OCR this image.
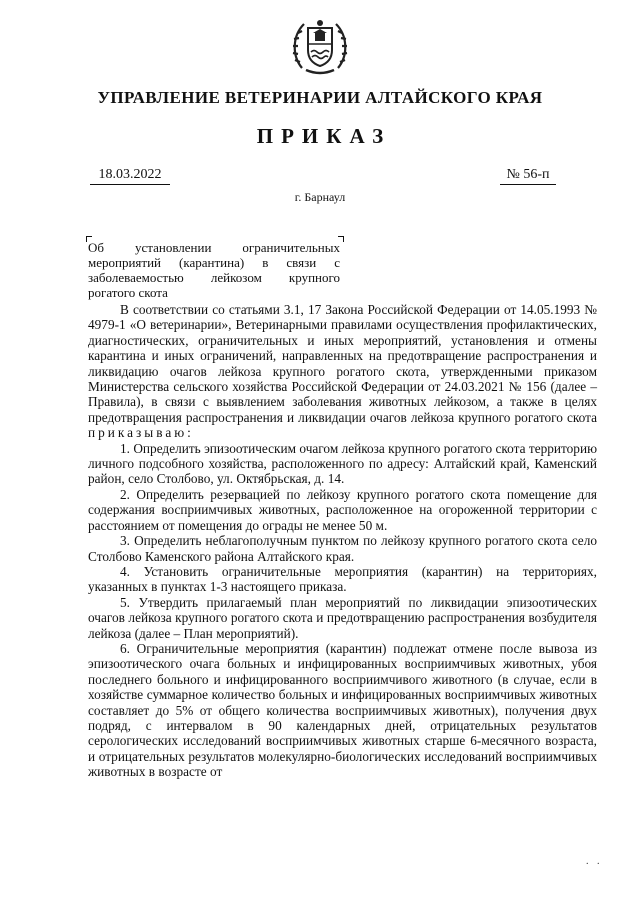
УПРАВЛЕНИЕ ВЕТЕРИНАРИИ АЛТАЙСКОГО КРАЯ
ПРИКАЗ
18.03.2022	№ 56-п
г. Барнаул
Об установлении ограничительных мероприятий (карантина) в связи с заболеваемостью лейкозом крупного рогатого скота

В соответствии со статьями 3.1, 17 Закона Российской Федерации от 14.05.1993 № 4979-1 «О ветеринарии», Ветеринарными правилами осуществления профилактических, диагностических, ограничительных и иных мероприятий, установления и отмены карантина и иных ограничений, направленных на предотвращение распространения и ликвидацию очагов лейкоза крупного рогатого скота, утвержденными приказом Министерства сельского хозяйства Российской Федерации от 24.03.2021 № 156 (далее – Правила), в связи с выявлением заболевания животных лейкозом, а также в целях предотвращения распространения и ликвидации очагов лейкоза крупного рогатого скота приказываю:

1. Определить эпизоотическим очагом лейкоза крупного рогатого скота территорию личного подсобного хозяйства, расположенного по адресу: Алтайский край, Каменский район, село Столбово, ул. Октябрьская, д. 14.

2. Определить резервацией по лейкозу крупного рогатого скота помещение для содержания восприимчивых животных, расположенное на огороженной территории с расстоянием от помещения до ограды не менее 50 м.

3. Определить неблагополучным пунктом по лейкозу крупного рогатого скота село Столбово Каменского района Алтайского края.

4. Установить ограничительные мероприятия (карантин) на территориях, указанных в пунктах 1-3 настоящего приказа.

5. Утвердить прилагаемый план мероприятий по ликвидации эпизоотических очагов лейкоза крупного рогатого скота и предотвращению распространения возбудителя лейкоза (далее – План мероприятий).

6. Ограничительные мероприятия (карантин) подлежат отмене после вывоза из эпизоотического очага больных и инфицированных восприимчивых животных, убоя последнего больного и инфицированного восприимчивого животного (в случае, если в хозяйстве суммарное количество больных и инфицированных восприимчивых животных составляет до 5% от общего количества восприимчивых животных), получения двух подряд, с интервалом в 90 календарных дней, отрицательных результатов серологических исследований восприимчивых животных старше 6-месячного возраста, и отрицательных результатов молекулярно-биологических исследований восприимчивых животных в возрасте от

. .
